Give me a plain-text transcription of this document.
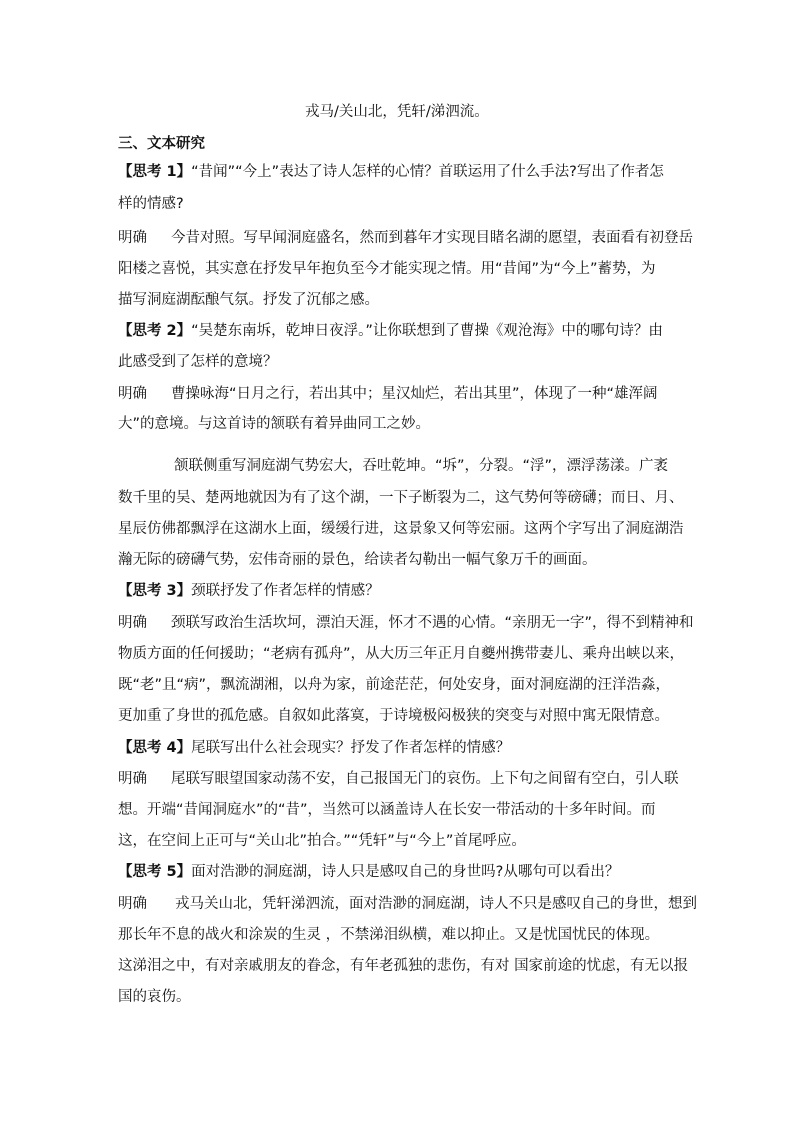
戎马/关山北，凭轩/涕泗流。
三、文本研究
【思考 1】“昔闻”“今上”表达了诗人怎样的心情？首联运用了什么手法?写出了作者怎
样的情感?
明确 今昔对照。写早闻洞庭盛名，然而到暮年才实现目睹名湖的愿望，表面看有初登岳
阳楼之喜悦，其实意在抒发早年抱负至今才能实现之情。用“昔闻”为“今上”蓄势，为
描写洞庭湖酝酿气氛。抒发了沉郁之感。
【思考 2】“吴楚东南坼，乾坤日夜浮。”让你联想到了曹操《观沧海》中的哪句诗？由
此感受到了怎样的意境？
明确 曹操咏海“日月之行，若出其中；星汉灿烂，若出其里”，体现了一种“雄浑阔
大”的意境。与这首诗的颔联有着异曲同工之妙。
颔联侧重写洞庭湖气势宏大，吞吐乾坤。“坼”，分裂。“浮”，漂浮荡漾。广袤
数千里的吴、楚两地就因为有了这个湖，一下子断裂为二，这气势何等磅礴；而日、月、
星辰仿佛都飘浮在这湖水上面，缓缓行进，这景象又何等宏丽。这两个字写出了洞庭湖浩
瀚无际的磅礴气势，宏伟奇丽的景色，给读者勾勒出一幅气象万千的画面。
【思考 3】颈联抒发了作者怎样的情感？
明确 颈联写政治生活坎坷，漂泊天涯，怀才不遇的心情。“亲朋无一字”，得不到精神和
物质方面的任何援助；“老病有孤舟”，从大历三年正月自夔州携带妻儿、乘舟出峡以来，
既“老”且“病”，飘流湖湘，以舟为家，前途茫茫，何处安身，面对洞庭湖的汪洋浩淼，
更加重了身世的孤危感。自叙如此落寞，于诗境极闷极狭的突变与对照中寓无限情意。
【思考 4】尾联写出什么社会现实？抒发了作者怎样的情感？
明确 尾联写眼望国家动荡不安，自己报国无门的哀伤。上下句之间留有空白，引人联
想。开端“昔闻洞庭水”的“昔”，当然可以涵盖诗人在长安一带活动的十多年时间。而
这，在空间上正可与“关山北”拍合。”“凭轩”与“今上”首尾呼应。
【思考 5】面对浩渺的洞庭湖，诗人只是感叹自己的身世吗?从哪句可以看出？
明确 戎马关山北，凭轩涕泗流，面对浩渺的洞庭湖，诗人不只是感叹自己的身世，想到
那长年不息的战火和涂炭的生灵 ，不禁涕泪纵横，难以抑止。又是忧国忧民的体现。
这涕泪之中，有对亲戚朋友的眷念，有年老孤独的悲伤，有对 国家前途的忧虑，有无以报
国的哀伤。
